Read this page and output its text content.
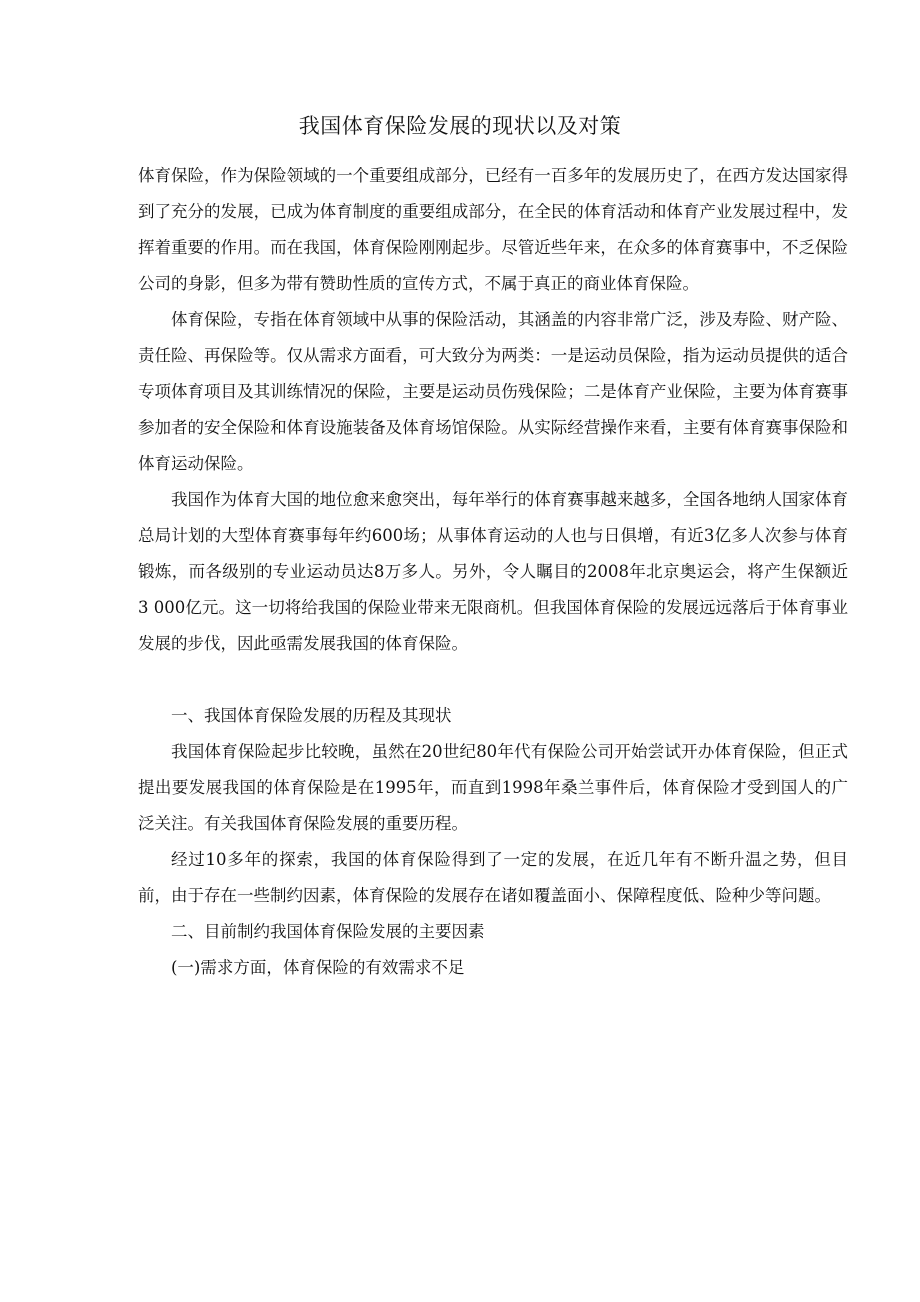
我国体育保险发展的现状以及对策

体育保险，作为保险领域的一个重要组成部分，已经有一百多年的发展历史了，在西方发达国家得到了充分的发展，已成为体育制度的重要组成部分，在全民的体育活动和体育产业发展过程中，发挥着重要的作用。而在我国，体育保险刚刚起步。尽管近些年来，在众多的体育赛事中，不乏保险公司的身影，但多为带有赞助性质的宣传方式，不属于真正的商业体育保险。

体育保险，专指在体育领域中从事的保险活动，其涵盖的内容非常广泛，涉及寿险、财产险、责任险、再保险等。仅从需求方面看，可大致分为两类：一是运动员保险，指为运动员提供的适合专项体育项目及其训练情况的保险，主要是运动员伤残保险；二是体育产业保险，主要为体育赛事参加者的安全保险和体育设施装备及体育场馆保险。从实际经营操作来看，主要有体育赛事保险和体育运动保险。

我国作为体育大国的地位愈来愈突出，每年举行的体育赛事越来越多，全国各地纳人国家体育总局计划的大型体育赛事每年约600场；从事体育运动的人也与日俱增，有近3亿多人次参与体育锻炼，而各级别的专业运动员达8万多人。另外，令人瞩目的2008年北京奥运会，将产生保额近 3 000亿元。这一切将给我国的保险业带来无限商机。但我国体育保险的发展远远落后于体育事业发展的步伐，因此亟需发展我国的体育保险。

一、我国体育保险发展的历程及其现状

我国体育保险起步比较晚，虽然在20世纪80年代有保险公司开始尝试开办体育保险，但正式提出要发展我国的体育保险是在1995年，而直到1998年桑兰事件后，体育保险才受到国人的广泛关注。有关我国体育保险发展的重要历程。

经过10多年的探索，我国的体育保险得到了一定的发展，在近几年有不断升温之势，但目前，由于存在一些制约因素，体育保险的发展存在诸如覆盖面小、保障程度低、险种少等问题。

二、目前制约我国体育保险发展的主要因素

(一)需求方面，体育保险的有效需求不足
